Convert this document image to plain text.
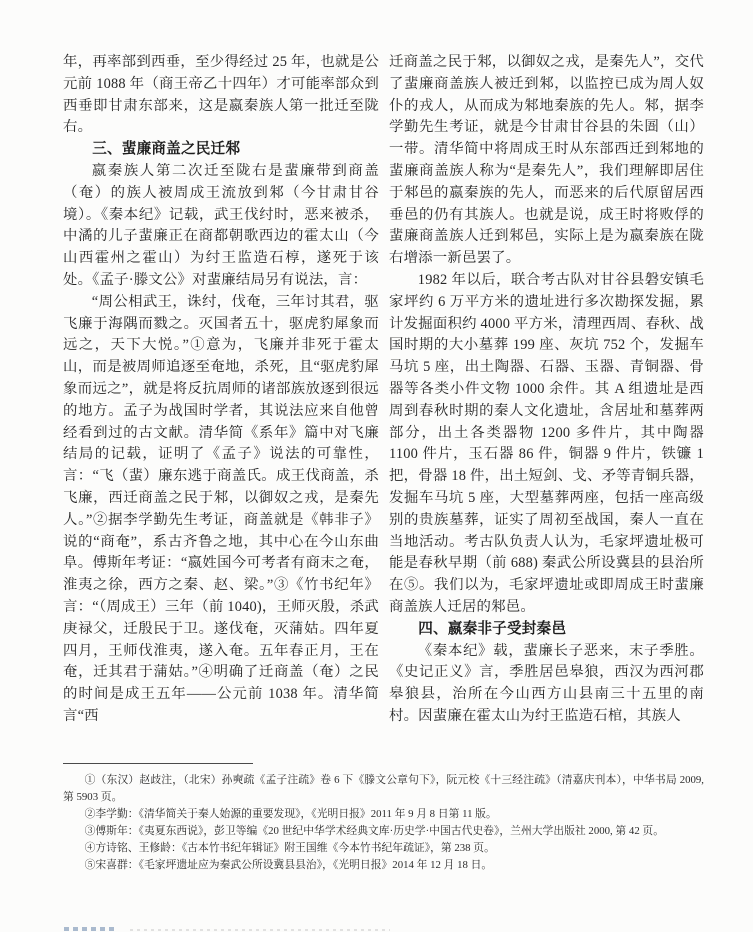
年，再率部到西垂，至少得经过 25 年，也就是公元前 1088 年（商王帝乙十四年）才可能率部众到西垂即甘肃东部来，这是嬴秦族人第一批迁至陇右。

三、蜚廉商盖之民迁邾

嬴秦族人第二次迁至陇右是蜚廉带到商盖（奄）的族人被周成王流放到邾（今甘肃甘谷境）。《秦本纪》记载，武王伐纣时，恶来被杀，中潏的儿子蜚廉正在商都朝歌西边的霍太山（今山西霍州之霍山）为纣王监造石椁，遂死于该处。《孟子·滕文公》对蜚廉结局另有说法，言：

“周公相武王，诛纣，伐奄，三年讨其君，驱飞廉于海隅而戮之。灭国者五十，驱虎豹犀象而远之，天下大悦。”①意为，飞廉并非死于霍太山，而是被周师追逐至奄地，杀死，且“驱虎豹犀象而远之”，就是将反抗周师的诸部族放逐到很远的地方。孟子为战国时学者，其说法应来自他曾经看到过的古文献。清华简《系年》篇中对飞廉结局的记载，证明了《孟子》说法的可靠性，言：“飞（蜚）廉东逃于商盖氏。成王伐商盖，杀飞廉，西迁商盖之民于邾，以御奴之戎，是秦先人。”②据李学勤先生考证，商盖就是《韩非子》说的“商奄”，系古齐鲁之地，其中心在今山东曲阜。傅斯年考证：“嬴姓国今可考者有商末之奄，淮夷之徐，西方之秦、赵、梁。”③《竹书纪年》言：“（周成王）三年（前 1040)，王师灭殷，杀武庚禄父，迁殷民于卫。遂伐奄，灭蒲姑。四年夏四月，王师伐淮夷，遂入奄。五年春正月，王在奄，迁其君于蒲姑。”④明确了迁商盖（奄）之民的时间是成王五年——公元前 1038 年。清华简言“西

迁商盖之民于邾，以御奴之戎，是秦先人”，交代了蜚廉商盖族人被迁到邾，以监控已成为周人奴仆的戎人，从而成为邾地秦族的先人。邾，据李学勤先生考证，就是今甘肃甘谷县的朱圄（山）一带。清华简中将周成王时从东部西迁到邾地的蜚廉商盖族人称为“是秦先人”，我们理解即居住于邾邑的嬴秦族的先人，而恶来的后代原留居西垂邑的仍有其族人。也就是说，成王时将败俘的蜚廉商盖族人迁到邾邑，实际上是为嬴秦族在陇右增添一新邑罢了。

1982 年以后，联合考古队对甘谷县磐安镇毛家坪约 6 万平方米的遗址进行多次勘探发掘，累计发掘面积约 4000 平方米，清理西周、春秋、战国时期的大小墓葬 199 座、灰坑 752 个，发掘车马坑 5 座，出土陶器、石器、玉器、青铜器、骨器等各类小件文物 1000 余件。其 A 组遗址是西周到春秋时期的秦人文化遗址，含居址和墓葬两部分，出土各类器物 1200 多件片，其中陶器 1100 件片，玉石器 86 件，铜器 9 件片，铁镰 1 把，骨器 18 件，出土短剑、戈、矛等青铜兵器，发掘车马坑 5 座，大型墓葬两座，包括一座高级别的贵族墓葬，证实了周初至战国，秦人一直在当地活动。考古队负责人认为，毛家坪遗址极可能是春秋早期（前 688) 秦武公所设冀县的县治所在⑤。我们以为，毛家坪遗址或即周成王时蜚廉商盖族人迁居的邾邑。

四、嬴秦非子受封秦邑

《秦本纪》载，蜚廉长子恶来，末子季胜。《史记正义》言，季胜居邑皋狼，西汉为西河郡皋狼县，治所在今山西方山县南三十五里的南村。因蜚廉在霍太山为纣王监造石棺，其族人

①（东汉）赵歧注，（北宋）孙奭疏《孟子注疏》卷 6 下《滕文公章句下》，阮元校《十三经注疏》（清嘉庆刊本），中华书局 2009, 第 5903 页。

②李学勤：《清华简关于秦人始源的重要发现》，《光明日报》2011 年 9 月 8 日第 11 版。

③傅斯年：《夷夏东西说》，彭卫等编《20 世纪中华学术经典文库·历史学·中国古代史卷》，兰州大学出版社 2000, 第 42 页。

④方诗铭、王修龄：《古本竹书纪年辑证》附王国维《今本竹书纪年疏证》，第 238 页。

⑤宋喜群：《毛家坪遗址应为秦武公所设冀县县治》，《光明日报》2014 年 12 月 18 日。
